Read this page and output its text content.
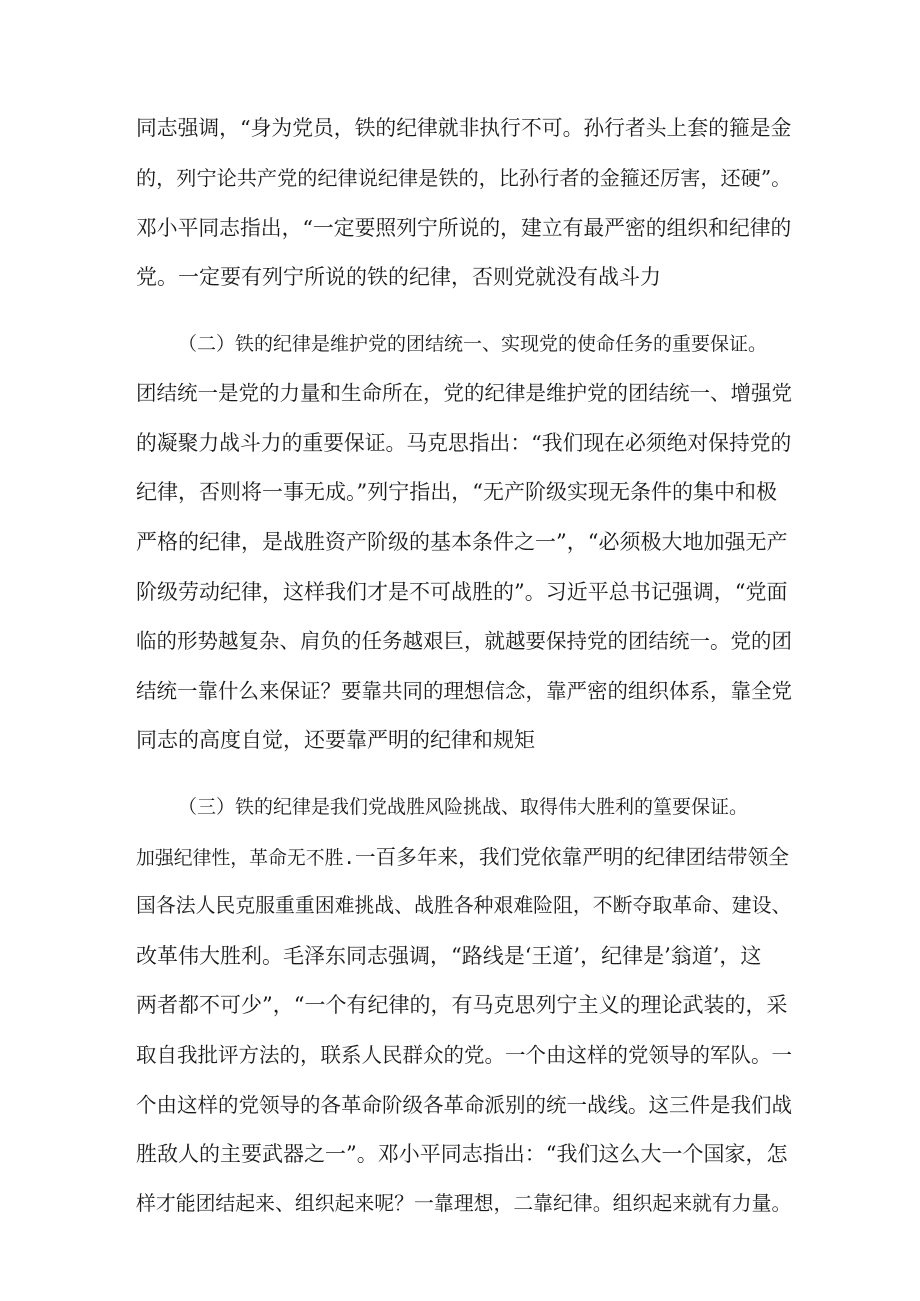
同志强调，“身为党员，铁的纪律就非执行不可。孙行者头上套的箍是金
的，列宁论共产党的纪律说纪律是铁的，比孙行者的金箍还厉害，还硬”。
邓小平同志指出，“一定要照列宁所说的，建立有最严密的组织和纪律的
党。一定要有列宁所说的铁的纪律，否则党就没有战斗力
（二）铁的纪律是维护党的团结统一、实现党的使命任务的重要保证。
团结统一是党的力量和生命所在，党的纪律是维护党的团结统一、增强党
的凝聚力战斗力的重要保证。马克思指出：“我们现在必须绝对保持党的
纪律，否则将一事无成。”列宁指出，“无产阶级实现无条件的集中和极
严格的纪律，是战胜资产阶级的基本条件之一”，“必须极大地加强无产
阶级劳动纪律，这样我们才是不可战胜的”。习近平总书记强调，“党面
临的形势越复杂、肩负的任务越艰巨，就越要保持党的团结统一。党的团
结统一靠什么来保证？要靠共同的理想信念，靠严密的组织体系，靠全党
同志的高度自觉，还要靠严明的纪律和规矩
（三）铁的纪律是我们党战胜风险挑战、取得伟大胜利的篁要保证。
加强纪律性，革命无不胜.一百多年来，我们党依靠严明的纪律团结带领全
国各法人民克服重重困难挑战、战胜各种艰难险阻，不断夺取革命、建设、
改革伟大胜利。毛泽东同志强调，“路线是‘王道’，纪律是’翁道’，这
两者都不可少”，“一个有纪律的，有马克思列宁主义的理论武装的，采
取自我批评方法的，联系人民群众的党。一个由这样的党领导的军队。一
个由这样的党领导的各革命阶级各革命派别的统一战线。这三件是我们战
胜敌人的主要武器之一”。邓小平同志指出：“我们这么大一个国家，怎
样才能团结起来、组织起来呢？一靠理想，二靠纪律。组织起来就有力量。
